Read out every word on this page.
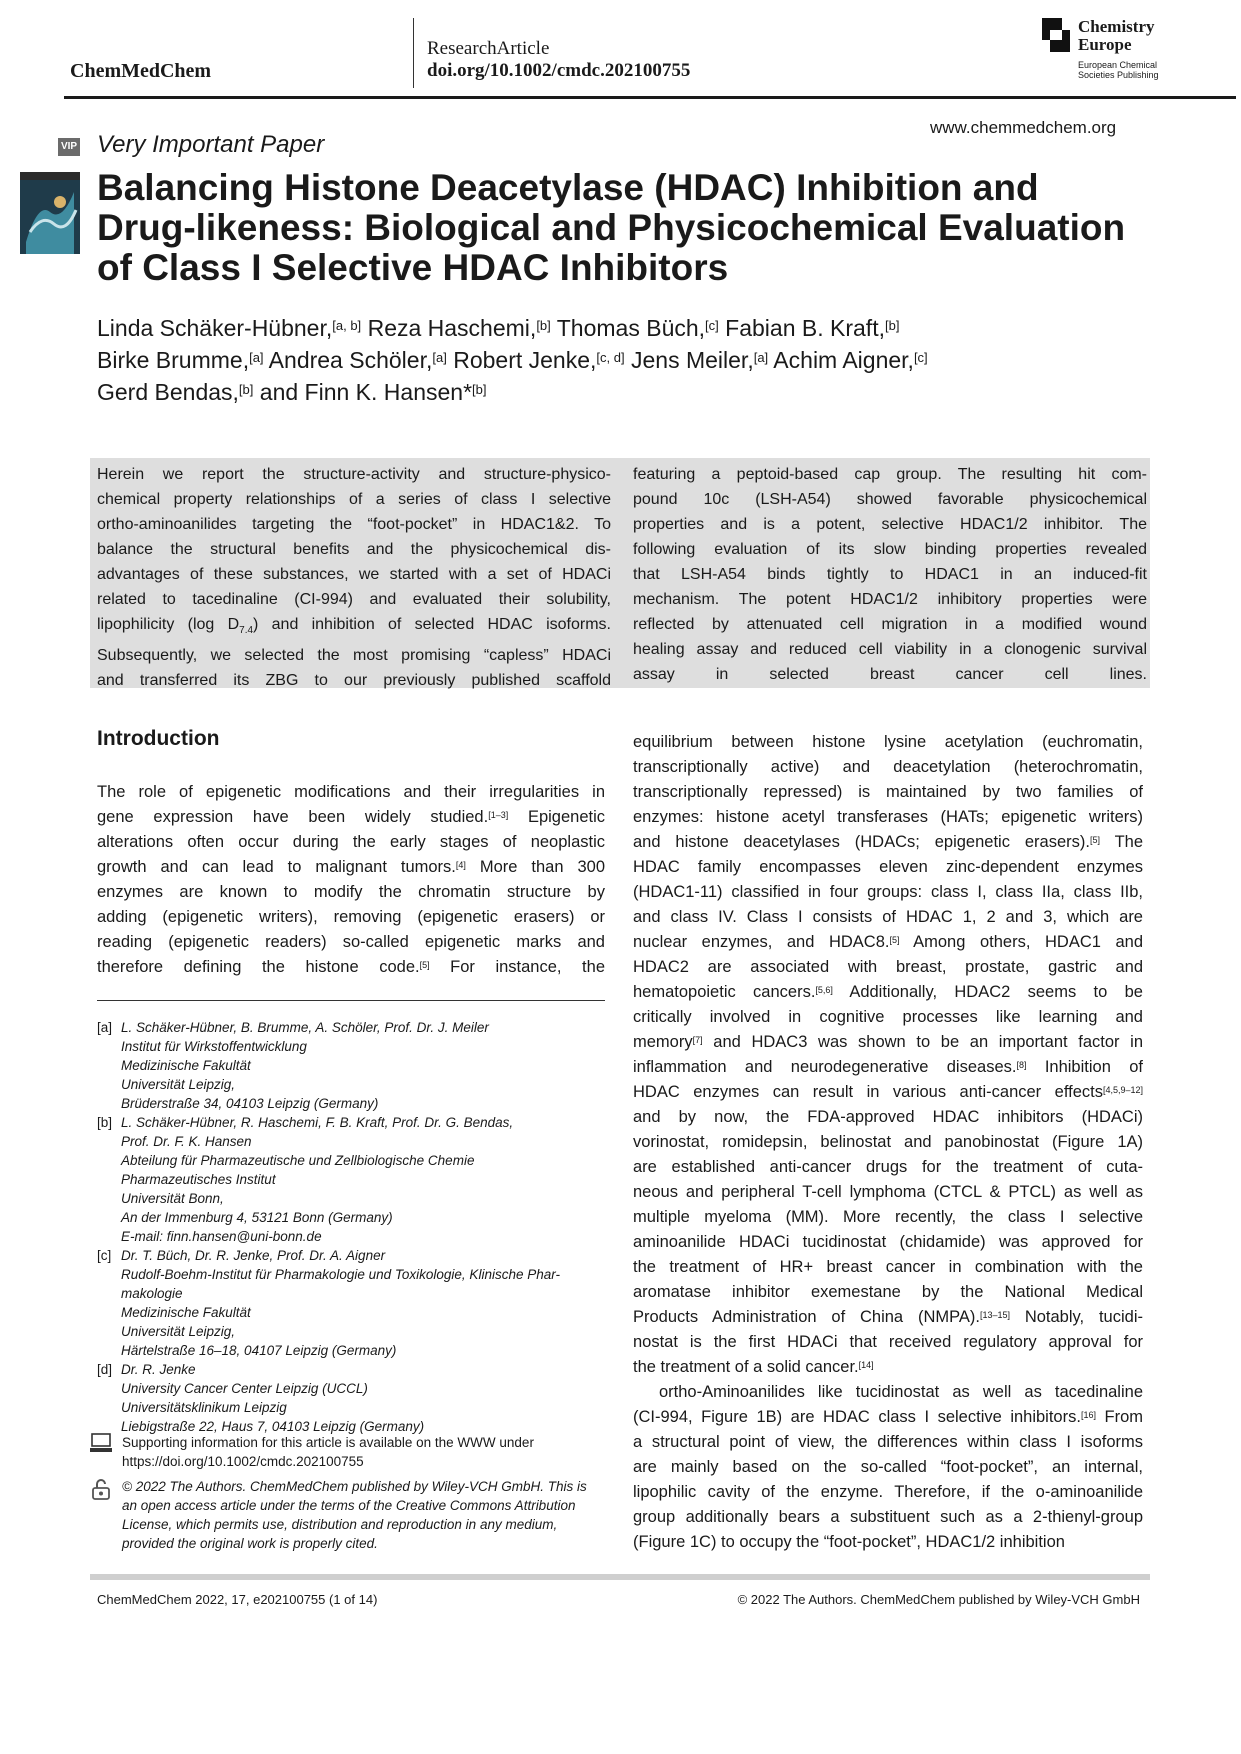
ChemMedChem
ResearchArticle
doi.org/10.1002/cmdc.202100755
Chemistry
Europe
European Chemical
Societies Publishing
www.chemmedchem.org
VIP Very Important Paper
Balancing Histone Deacetylase (HDAC) Inhibition and Drug-likeness: Biological and Physicochemical Evaluation of Class I Selective HDAC Inhibitors
Linda Schäker-Hübner,[a, b] Reza Haschemi,[b] Thomas Büch,[c] Fabian B. Kraft,[b]
Birke Brumme,[a] Andrea Schöler,[a] Robert Jenke,[c, d] Jens Meiler,[a] Achim Aigner,[c]
Gerd Bendas,[b] and Finn K. Hansen*[b]
Herein we report the structure-activity and structure-physico-
chemical property relationships of a series of class I selective
ortho-aminoanilides targeting the “foot-pocket” in HDAC1&2. To
balance the structural benefits and the physicochemical dis-
advantages of these substances, we started with a set of HDACi
related to tacedinaline (CI-994) and evaluated their solubility,
lipophilicity (log $D_{7.4}$) and inhibition of selected HDAC isoforms.
Subsequently, we selected the most promising “capless” HDACi
and transferred its ZBG to our previously published scaffold
featuring a peptoid-based cap group. The resulting hit com-
pound 10c (LSH-A54) showed favorable physicochemical
properties and is a potent, selective HDAC1/2 inhibitor. The
following evaluation of its slow binding properties revealed
that LSH-A54 binds tightly to HDAC1 in an induced-fit
mechanism. The potent HDAC1/2 inhibitory properties were
reflected by attenuated cell migration in a modified wound
healing assay and reduced cell viability in a clonogenic survival
assay in selected breast cancer cell lines.
Introduction
The role of epigenetic modifications and their irregularities in
gene expression have been widely studied.[1–3] Epigenetic
alterations often occur during the early stages of neoplastic
growth and can lead to malignant tumors.[4] More than 300
enzymes are known to modify the chromatin structure by
adding (epigenetic writers), removing (epigenetic erasers) or
reading (epigenetic readers) so-called epigenetic marks and
therefore defining the histone code.[5] For instance, the
equilibrium between histone lysine acetylation (euchromatin,
transcriptionally active) and deacetylation (heterochromatin,
transcriptionally repressed) is maintained by two families of
enzymes: histone acetyl transferases (HATs; epigenetic writers)
and histone deacetylases (HDACs; epigenetic erasers).[5] The
HDAC family encompasses eleven zinc-dependent enzymes
(HDAC1-11) classified in four groups: class I, class IIa, class IIb,
and class IV. Class I consists of HDAC 1, 2 and 3, which are
nuclear enzymes, and HDAC8.[5] Among others, HDAC1 and
HDAC2 are associated with breast, prostate, gastric and
hematopoietic cancers.[5,6] Additionally, HDAC2 seems to be
critically involved in cognitive processes like learning and
memory[7] and HDAC3 was shown to be an important factor in
inflammation and neurodegenerative diseases.[8] Inhibition of
HDAC enzymes can result in various anti-cancer effects[4,5,9–12]
and by now, the FDA-approved HDAC inhibitors (HDACi)
vorinostat, romidepsin, belinostat and panobinostat (Figure 1A)
are established anti-cancer drugs for the treatment of cuta-
neous and peripheral T-cell lymphoma (CTCL & PTCL) as well as
multiple myeloma (MM). More recently, the class I selective
aminoanilide HDACi tucidinostat (chidamide) was approved for
the treatment of HR+ breast cancer in combination with the
aromatase inhibitor exemestane by the National Medical
Products Administration of China (NMPA).[13–15] Notably, tucidi-
nostat is the first HDACi that received regulatory approval for
the treatment of a solid cancer.[14]
ortho-Aminoanilides like tucidinostat as well as tacedinaline
(CI-994, Figure 1B) are HDAC class I selective inhibitors.[16] From
a structural point of view, the differences within class I isoforms
are mainly based on the so-called “foot-pocket”, an internal,
lipophilic cavity of the enzyme. Therefore, if the o-aminoanilide
group additionally bears a substituent such as a 2-thienyl-group
(Figure 1C) to occupy the “foot-pocket”, HDAC1/2 inhibition
[a] L. Schäker-Hübner, B. Brumme, A. Schöler, Prof. Dr. J. Meiler
Institut für Wirkstoffentwicklung
Medizinische Fakultät
Universität Leipzig,
Brüderstraße 34, 04103 Leipzig (Germany)
[b] L. Schäker-Hübner, R. Haschemi, F. B. Kraft, Prof. Dr. G. Bendas,
Prof. Dr. F. K. Hansen
Abteilung für Pharmazeutische und Zellbiologische Chemie
Pharmazeutisches Institut
Universität Bonn,
An der Immenburg 4, 53121 Bonn (Germany)
E-mail: finn.hansen@uni-bonn.de
[c] Dr. T. Büch, Dr. R. Jenke, Prof. Dr. A. Aigner
Rudolf-Boehm-Institut für Pharmakologie und Toxikologie, Klinische Phar-
makologie
Medizinische Fakultät
Universität Leipzig,
Härtelstraße 16–18, 04107 Leipzig (Germany)
[d] Dr. R. Jenke
University Cancer Center Leipzig (UCCL)
Universitätsklinikum Leipzig
Liebigstraße 22, Haus 7, 04103 Leipzig (Germany)
Supporting information for this article is available on the WWW under
https://doi.org/10.1002/cmdc.202100755
© 2022 The Authors. ChemMedChem published by Wiley-VCH GmbH. This is
an open access article under the terms of the Creative Commons Attribution
License, which permits use, distribution and reproduction in any medium,
provided the original work is properly cited.
ChemMedChem 2022, 17, e202100755 (1 of 14)	© 2022 The Authors. ChemMedChem published by Wiley-VCH GmbH
